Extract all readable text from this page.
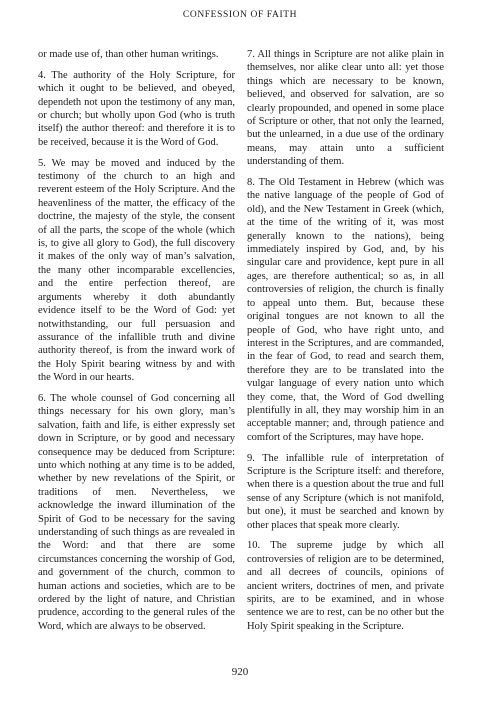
CONFESSION OF FAITH

or made use of, than other human writings.

4. The authority of the Holy Scripture, for which it ought to be believed, and obeyed, dependeth not upon the testimony of any man, or church; but wholly upon God (who is truth itself) the author thereof: and therefore it is to be received, because it is the Word of God.

5. We may be moved and induced by the testimony of the church to an high and reverent esteem of the Holy Scripture. And the heavenliness of the matter, the efficacy of the doctrine, the majesty of the style, the consent of all the parts, the scope of the whole (which is, to give all glory to God), the full discovery it makes of the only way of man’s salvation, the many other incomparable excellencies, and the entire perfection thereof, are arguments whereby it doth abundantly evidence itself to be the Word of God: yet notwithstanding, our full persuasion and assurance of the infallible truth and divine authority thereof, is from the inward work of the Holy Spirit bearing witness by and with the Word in our hearts.

6. The whole counsel of God concerning all things necessary for his own glory, man’s salvation, faith and life, is either expressly set down in Scripture, or by good and necessary consequence may be deduced from Scripture: unto which nothing at any time is to be added, whether by new revelations of the Spirit, or traditions of men. Nevertheless, we acknowledge the inward illumination of the Spirit of God to be necessary for the saving understanding of such things as are revealed in the Word: and that there are some circumstances concerning the worship of God, and government of the church, common to human actions and societies, which are to be ordered by the light of nature, and Christian prudence, according to the general rules of the Word, which are always to be observed.

7. All things in Scripture are not alike plain in themselves, nor alike clear unto all: yet those things which are necessary to be known, believed, and observed for salvation, are so clearly propounded, and opened in some place of Scripture or other, that not only the learned, but the unlearned, in a due use of the ordinary means, may attain unto a sufficient understanding of them.

8. The Old Testament in Hebrew (which was the native language of the people of God of old), and the New Testament in Greek (which, at the time of the writing of it, was most generally known to the nations), being immediately inspired by God, and, by his singular care and providence, kept pure in all ages, are therefore authentical; so as, in all controversies of religion, the church is finally to appeal unto them. But, because these original tongues are not known to all the people of God, who have right unto, and interest in the Scriptures, and are commanded, in the fear of God, to read and search them, therefore they are to be translated into the vulgar language of every nation unto which they come, that, the Word of God dwelling plentifully in all, they may worship him in an acceptable manner; and, through patience and comfort of the Scriptures, may have hope.

9. The infallible rule of interpretation of Scripture is the Scripture itself: and therefore, when there is a question about the true and full sense of any Scripture (which is not manifold, but one), it must be searched and known by other places that speak more clearly.

10. The supreme judge by which all controversies of religion are to be determined, and all decrees of councils, opinions of ancient writers, doctrines of men, and private spirits, are to be examined, and in whose sentence we are to rest, can be no other but the Holy Spirit speaking in the Scripture.

920
